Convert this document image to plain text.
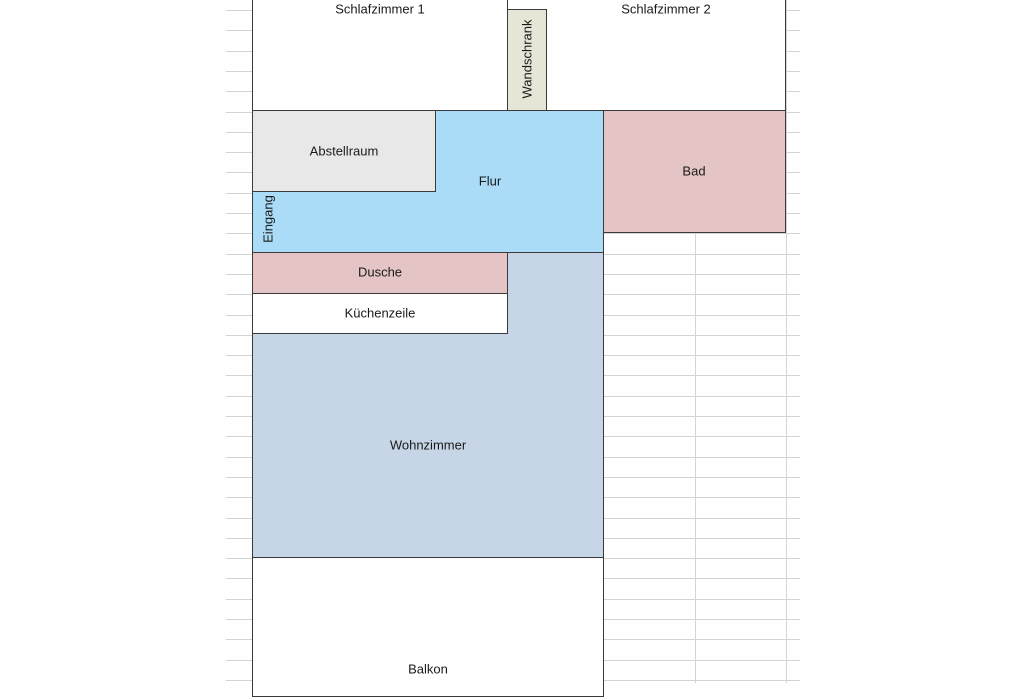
Schlafzimmer 1	Schlafzimmer 2
Wandschrank
Flur
Abstellraum
Eingang
Bad
Wohnzimmer
Dusche
Küchenzeile
Balkon
